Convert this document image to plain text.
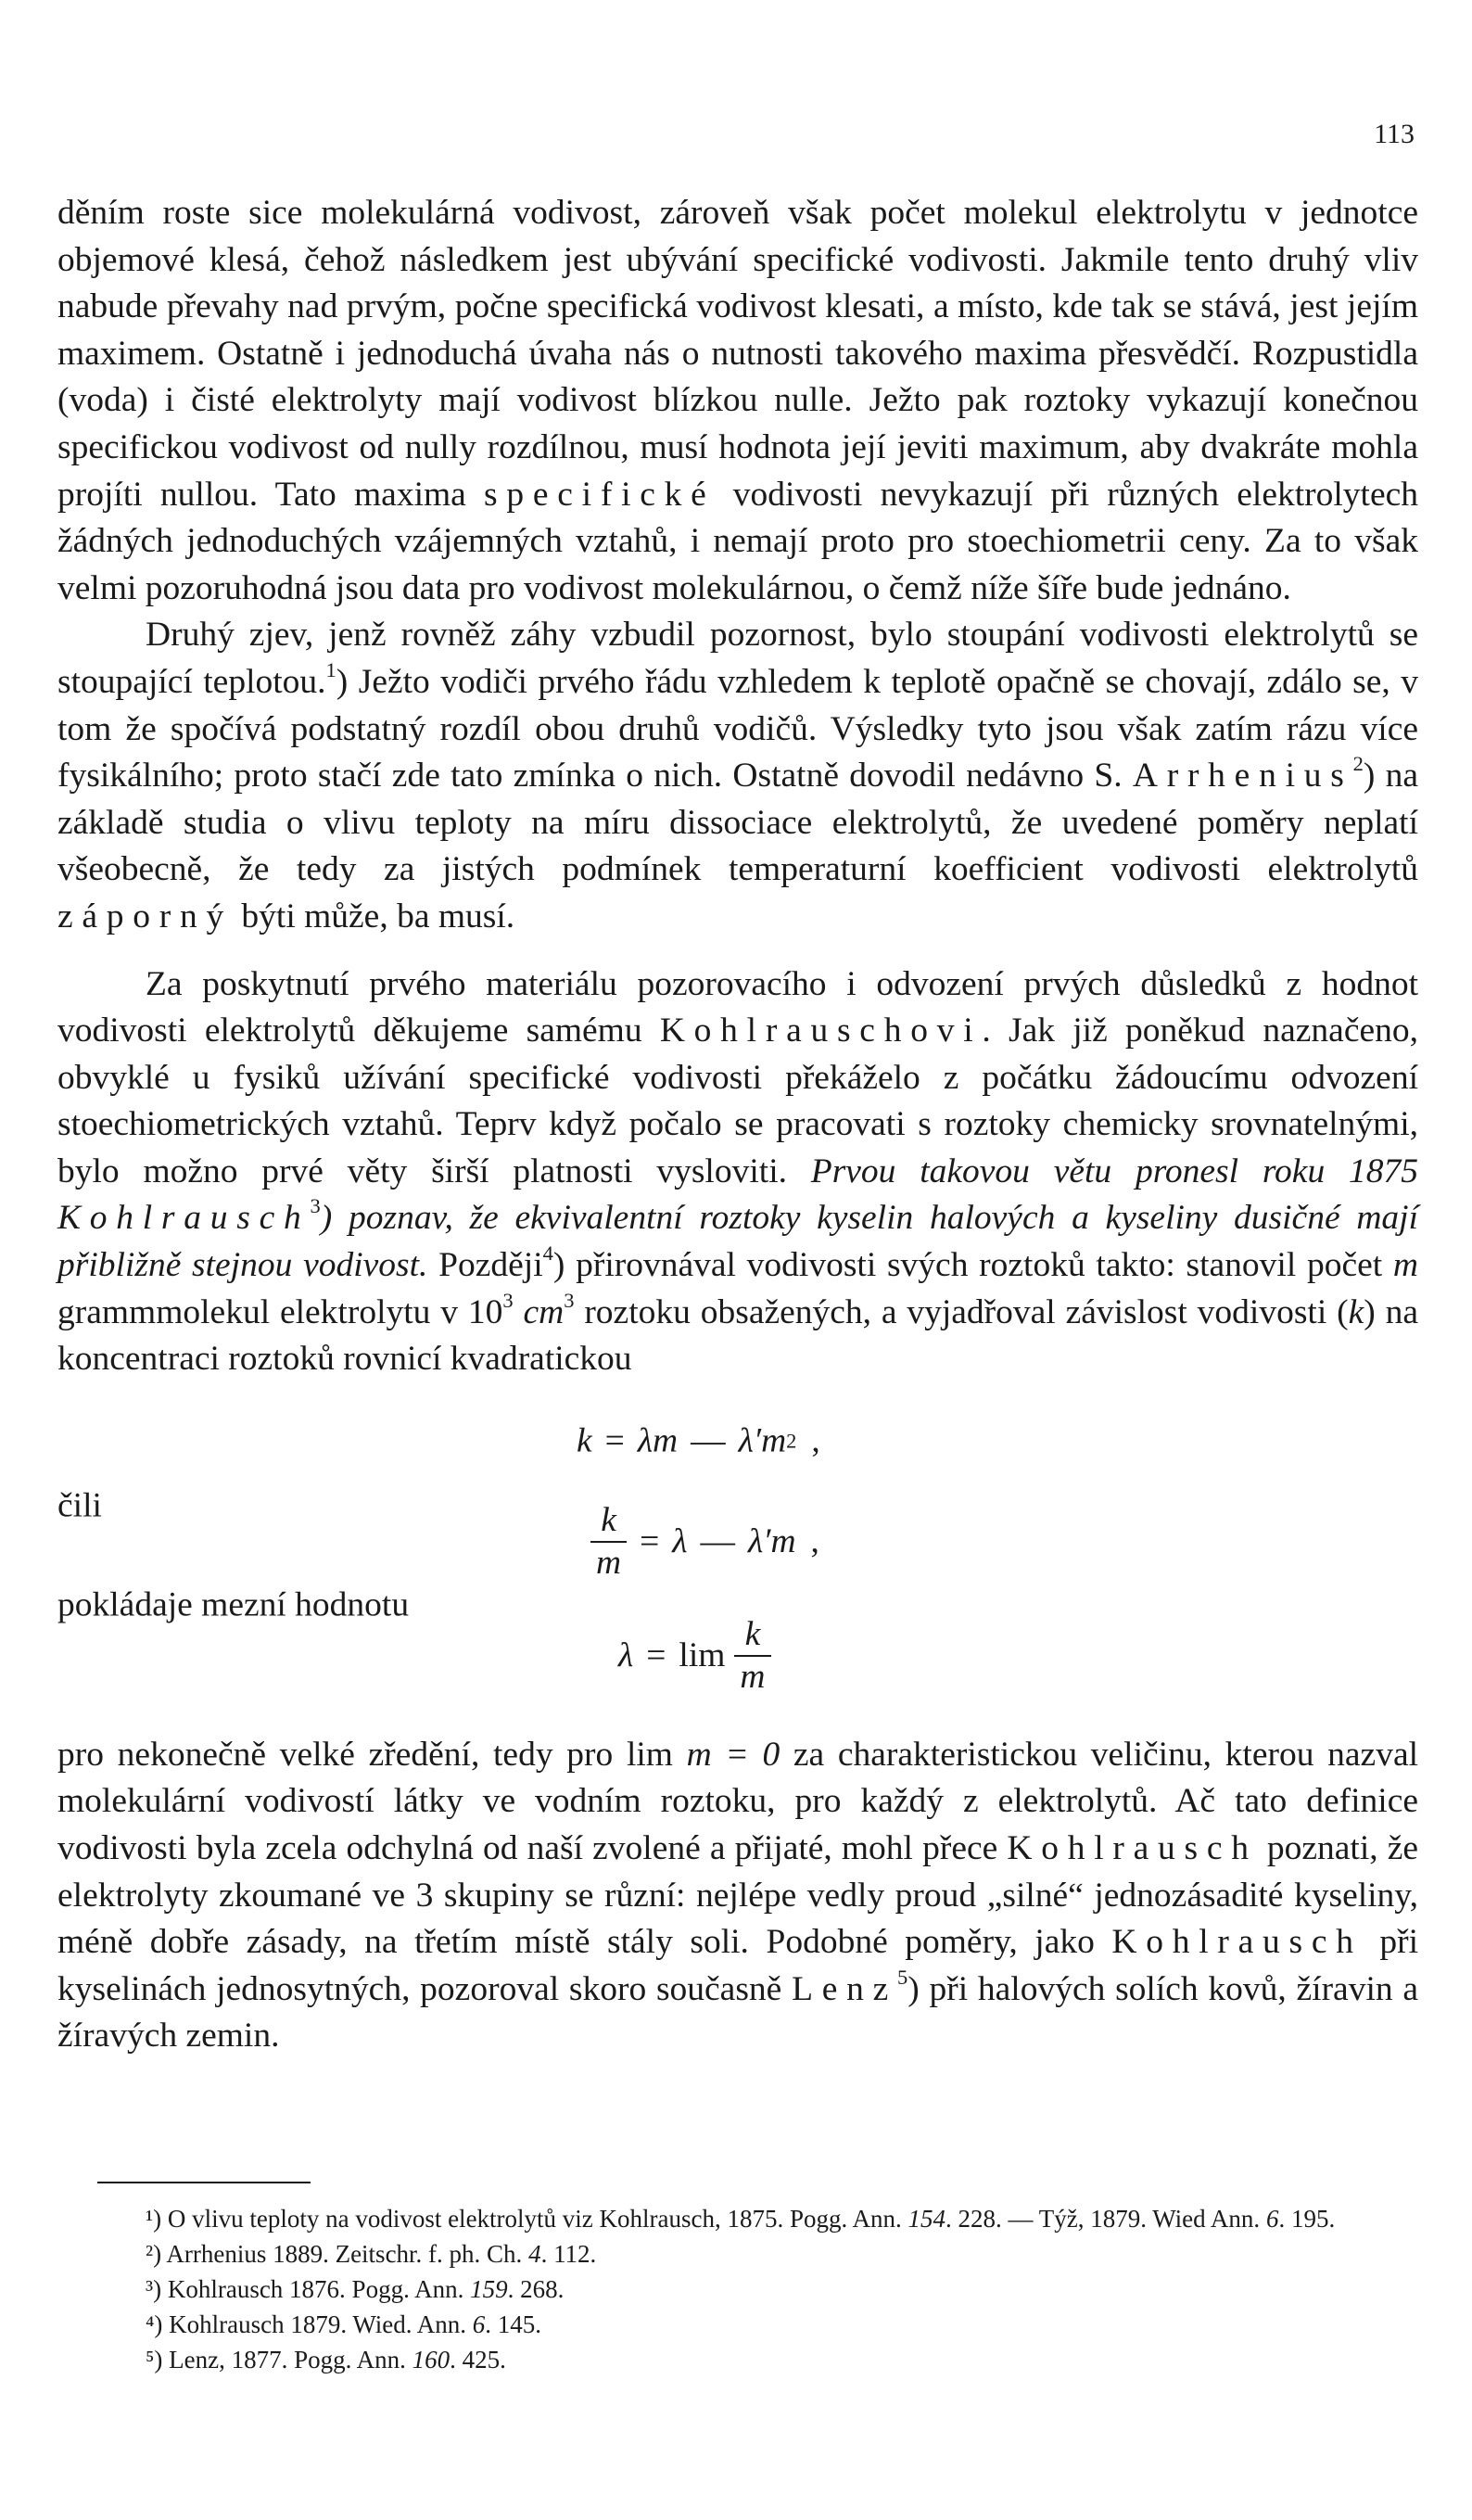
113

děním roste sice molekulárná vodivost, zároveň však počet molekul elektrolytu v jednotce objemové klesá, čehož následkem jest ubývání specifické vodivosti. Jakmile tento druhý vliv nabude převahy nad prvým, počne specifická vodivost klesati, a místo, kde tak se stává, jest jejím maximem. Ostatně i jednoduchá úvaha nás o nutnosti takového maxima přesvědčí. Rozpustidla (voda) i čisté elektrolyty mají vodivost blízkou nulle. Ježto pak roztoky vykazují konečnou specifickou vodivost od nully rozdílnou, musí hodnota její jeviti maximum, aby dvakráte mohla projíti nullou. Tato maxima specifické vodivosti nevykazují při různých elektrolytech žádných jednoduchých vzájemných vztahů, i nemají proto pro stoechiometrii ceny. Za to však velmi pozoruhodná jsou data pro vodivost molekulárnou, o čemž níže šíře bude jednáno.

Druhý zjev, jenž rovněž záhy vzbudil pozornost, bylo stoupání vodivosti elektrolytů se stoupající teplotou.$^1$) Ježto vodiči prvého řádu vzhledem k teplotě opačně se chovají, zdálo se, v tom že spočívá podstatný rozdíl obou druhů vodičů. Výsledky tyto jsou však zatím rázu více fysikálního; proto stačí zde tato zmínka o nich. Ostatně dovodil nedávno S. Arrhenius$^2$) na základě studia o vlivu teploty na míru dissociace elektrolytů, že uvedené poměry neplatí všeobecně, že tedy za jistých podmínek temperaturní koefficient vodivosti elektrolytů záporný býti může, ba musí.

Za poskytnutí prvého materiálu pozorovacího i odvození prvých důsledků z hodnot vodivosti elektrolytů děkujeme samému Kohlrauschovi. Jak již poněkud naznačeno, obvyklé u fysiků užívání specifické vodivosti překáželo z počátku žádoucímu odvození stoechiometrických vztahů. Teprv když počalo se pracovati s roztoky chemicky srovnatelnými, bylo možno prvé věty širší platnosti vysloviti. Prvou takovou větu pronesl roku 1875 Kohlrausch$^3$) poznav, že ekvivalentní roztoky kyselin halových a kyseliny dusičné mají přibližně stejnou vodivost. Později$^4$) přirovnával vodivosti svých roztoků takto: stanovil počet m grammmolekul elektrolytu v $10^3$ $cm^3$ roztoku obsažených, a vyjadřoval závislost vodivosti (k) na koncentraci roztoků rovnicí kvadratickou

k = λm — λ′m 2 ,
čili	$\frac{k}{m} = \lambda$ — λ′m ,
pokládaje mezní hodnotu
$\lambda = \lim \frac{k}{m}$

pro nekonečně velké zředění, tedy pro lim m = 0 za charakteristickou veličinu, kterou nazval molekulární vodivostí látky ve vodním roztoku, pro každý z elektrolytů. Ač tato definice vodivosti byla zcela odchylná od naší zvolené a přijaté, mohl přece Kohlrausch poznati, že elektrolyty zkoumané ve 3 skupiny se různí: nejlépe vedly proud „silné“ jednozásadité kyseliny, méně dobře zásady, na třetím místě stály soli. Podobné poměry, jako Kohlrausch při kyselinách jednosytných, pozoroval skoro současně Lenz$^5$) při halových solích kovů, žíravin a žíravých zemin.

¹) O vlivu teploty na vodivost elektrolytů viz Kohlrausch, 1875. Pogg. Ann. 154. 228. — Týž, 1879. Wied Ann. 6. 195.

²) Arrhenius 1889. Zeitschr. f. ph. Ch. 4. 112.

³) Kohlrausch 1876. Pogg. Ann. 159. 268.

⁴) Kohlrausch 1879. Wied. Ann. 6. 145.

⁵) Lenz, 1877. Pogg. Ann. 160. 425.
